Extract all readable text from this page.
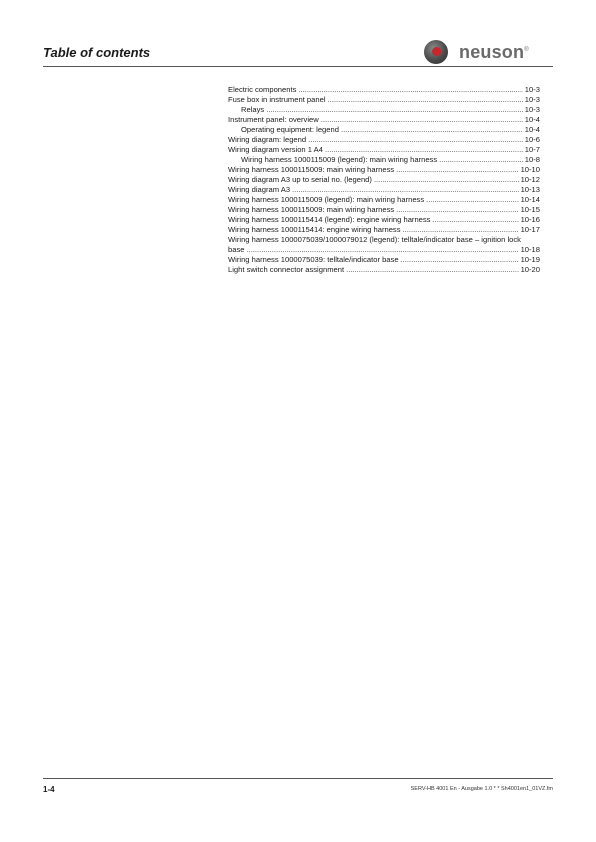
Table of contents	neuson®
Electric components .....	10-3
Fuse box in instrument panel .....	10-3
Relays .....	10-3
Instrument panel: overview .....	10-4
Operating equipment: legend .....	10-4
Wiring diagram: legend .....	10-6
Wiring diagram version 1 A4 .....	10-7
Wiring harness 1000115009 (legend): main wiring harness .....	10-8
Wiring harness 1000115009: main wiring harness .....	10-10
Wiring diagram A3 up to serial no. (legend) .....	10-12
Wiring diagram A3 .....	10-13
Wiring harness 1000115009 (legend): main wiring harness .....	10-14
Wiring harness 1000115009: main wiring harness .....	10-15
Wiring harness 1000115414 (legend): engine wiring harness .....	10-16
Wiring harness 1000115414: engine wiring harness .....	10-17
Wiring harness 1000075039/1000079012 (legend): telltale/indicator base – ignition lock
base .....	10-18
Wiring harness 1000075039: telltale/indicator base .....	10-19
Light switch connector assignment .....	10-20
1-4	SERV-HB 4001 En - Ausgabe 1.0 * * Sh4001en1_01VZ.fm
